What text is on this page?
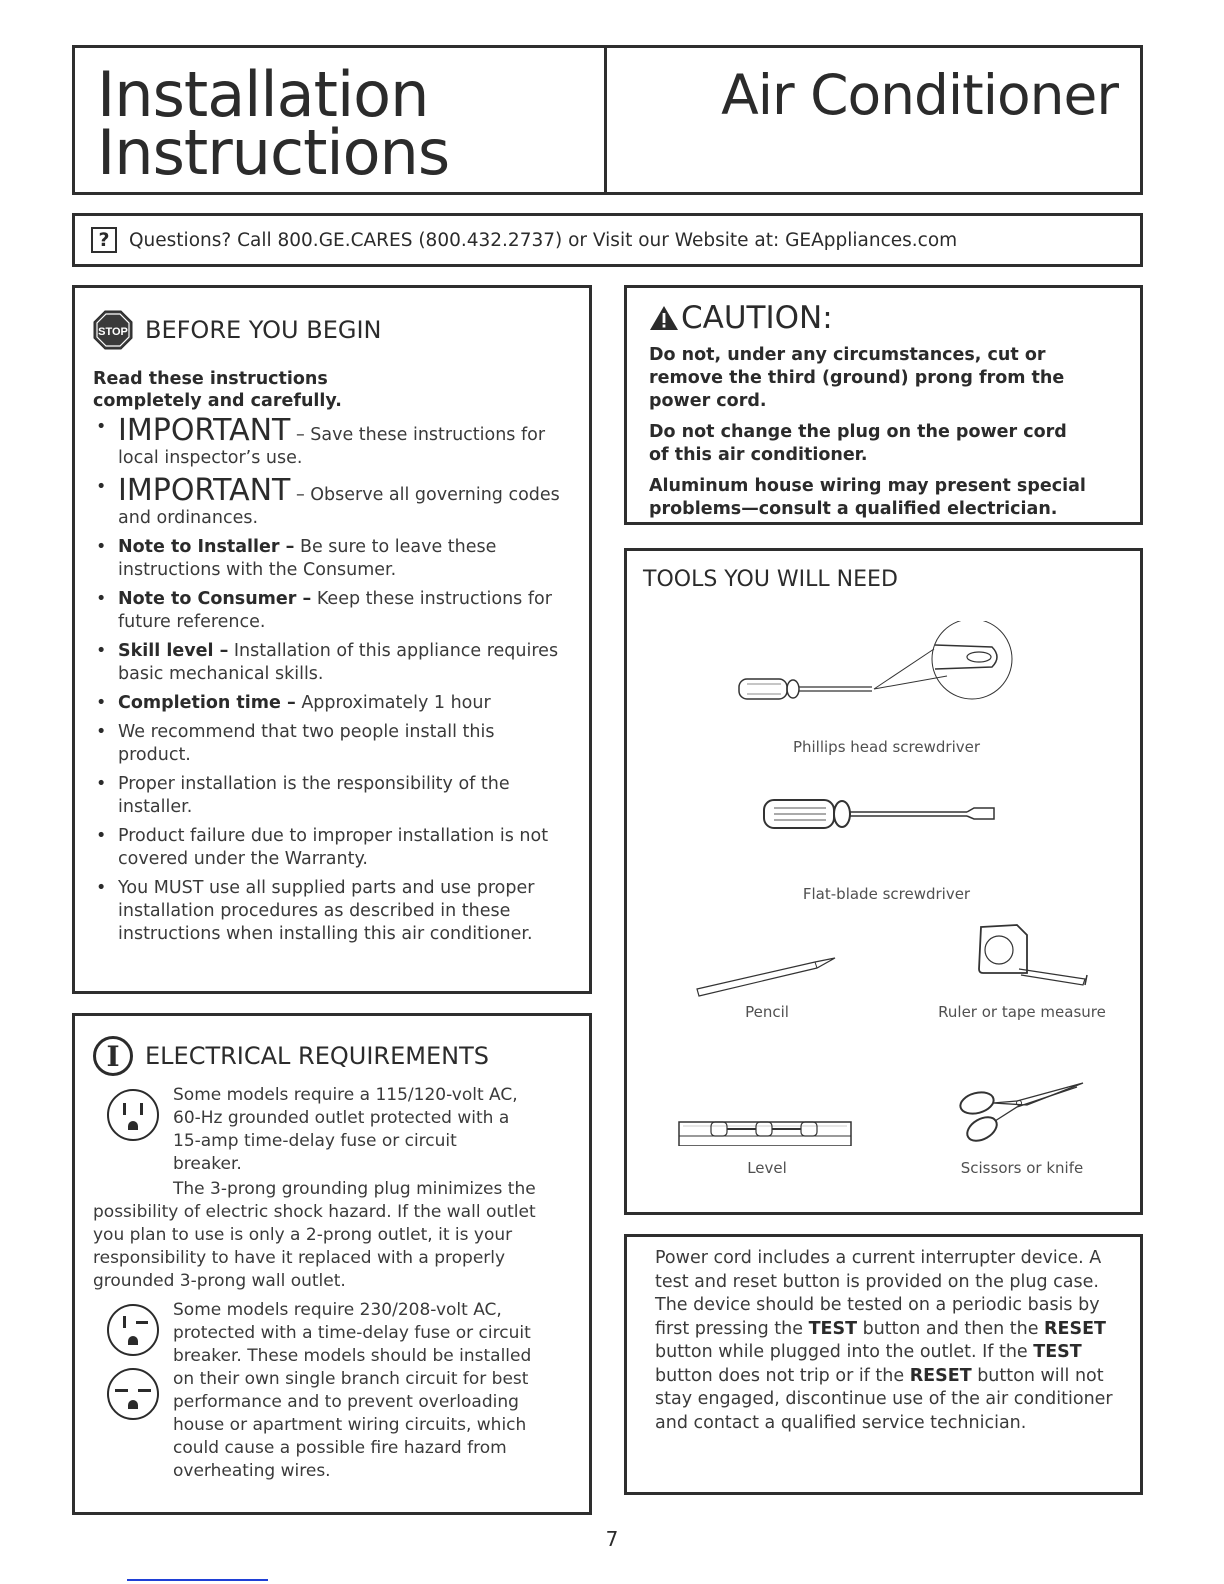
Installation
Instructions
Air Conditioner
?	Questions? Call 800.GE.CARES (800.432.2737) or Visit our Website at: GEAppliances.com
STOP BEFORE YOU BEGIN
Read these instructions completely and carefully.
• IMPORTANT – Save these instructions for local inspector’s use.
• IMPORTANT – Observe all governing codes and ordinances.
• Note to Installer – Be sure to leave these instructions with the Consumer.
• Note to Consumer – Keep these instructions for future reference.
• Skill level – Installation of this appliance requires basic mechanical skills.
• Completion time – Approximately 1 hour
• We recommend that two people install this product.
• Proper installation is the responsibility of the installer.
• Product failure due to improper installation is not covered under the Warranty.
• You MUST use all supplied parts and use proper installation procedures as described in these instructions when installing this air conditioner.
I	ELECTRICAL REQUIREMENTS
Some models require a 115/120-volt AC, 60-Hz grounded outlet protected with a 15-amp time-delay fuse or circuit breaker.
The 3-prong grounding plug minimizes the possibility of electric shock hazard. If the wall outlet you plan to use is only a 2-prong outlet, it is your responsibility to have it replaced with a properly grounded 3-prong wall outlet.
Some models require 230/208-volt AC, protected with a time-delay fuse or circuit breaker. These models should be installed on their own single branch circuit for best performance and to prevent overloading house or apartment wiring circuits, which could cause a possible fire hazard from overheating wires.
CAUTION:
Do not, under any circumstances, cut or remove the third (ground) prong from the power cord.
Do not change the plug on the power cord of this air conditioner.
Aluminum house wiring may present special problems—consult a qualified electrician.
TOOLS YOU WILL NEED
Phillips head screwdriver
Flat-blade screwdriver
Pencil	Ruler or tape measure
Level	Scissors or knife
Power cord includes a current interrupter device. A test and reset button is provided on the plug case. The device should be tested on a periodic basis by first pressing the TEST button and then the RESET button while plugged into the outlet. If the TEST button does not trip or if the RESET button will not stay engaged, discontinue use of the air conditioner and contact a qualified service technician.
7
